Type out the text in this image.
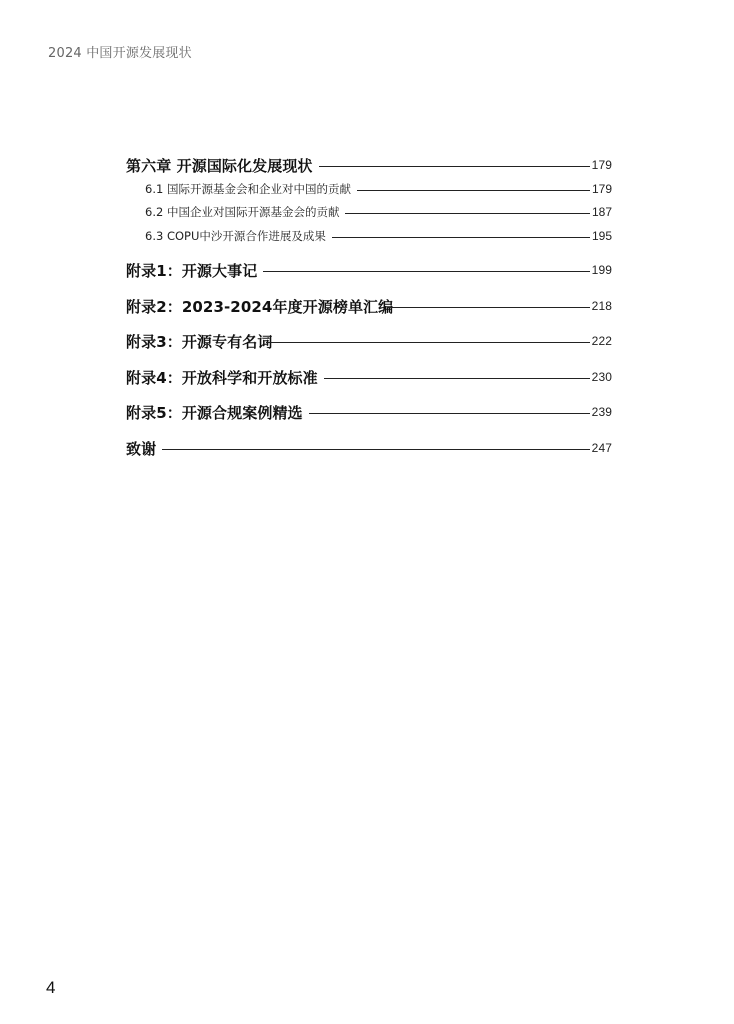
2024 中国开源发展现状
第六章 开源国际化发展现状	179
6.1 国际开源基金会和企业对中国的贡献	179
6.2 中国企业对国际开源基金会的贡献	187
6.3 COPU中沙开源合作进展及成果	195
附录1：开源大事记	199
附录2：2023-2024年度开源榜单汇编	218
附录3：开源专有名词	222
附录4：开放科学和开放标准	230
附录5：开源合规案例精选	239
致谢	247
4
